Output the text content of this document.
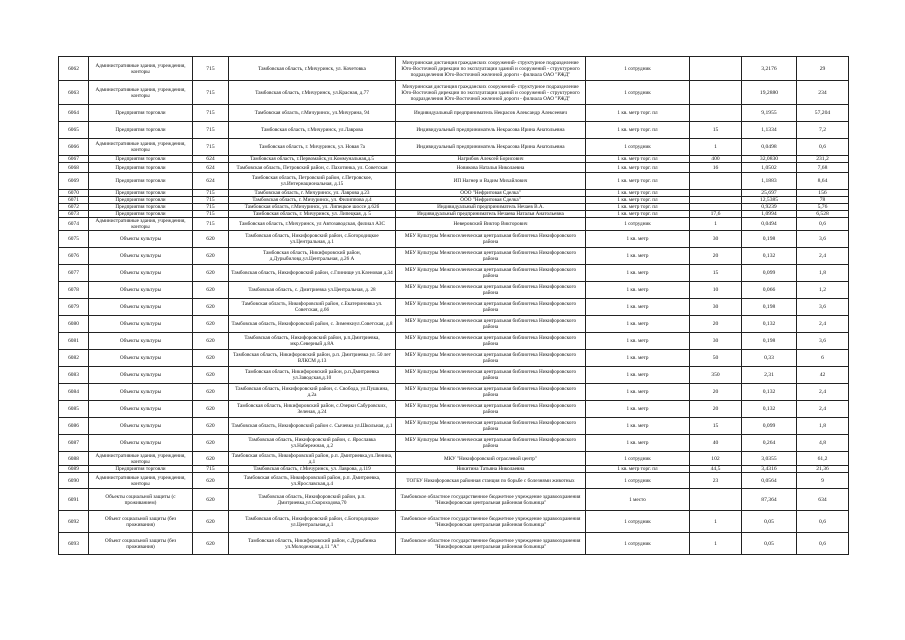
6062	Административные здания, учреждения, конторы	715	Тамбовская область, г.Мичуринск, ул. Кочетовка	Мичуринская дистанция гражданских сооружений- структурное подразделение Юго-Восточной дирекции по эксплуатации зданий и сооружений - структурного подразделения Юго-Восточной железной дороги - филиала ОАО "РЖД"	1 сотрудник		3,2176	29
6063	Административные здания, учреждения, конторы	715	Тамбовская область, г.Мичуринск, ул.Красная, д.77	Мичуринская дистанция гражданских сооружений- структурное подразделение Юго-Восточной дирекции по эксплуатации зданий и сооружений - структурного подразделения Юго-Восточной железной дороги - филиала ОАО "РЖД"	1 сотрудник		19,2880	234
6064	Предприятия торговли	715	Тамбовская область, г.Мичуринск, ул.Мичурина, 94	Индивидуальный предприниматель Некрасов Александр Алексеевич	1 кв. метр торг. пл		9,1955	57,204
6065	Предприятия торговли	715	Тамбовская область, г.Мичуринск, ул.Лаврова	Индивидуальный предприниматель Некрасова Ирина Анатольевна	1 кв. метр торг. пл	15	1,1334	7,2
6066	Административные здания, учреждения, конторы	715	Тамбовская область, г. Мичуринск, ул. Новая 7а	Индивидуальный предприниматель Некрасова Ирина Анатольевна	1 сотрудник	1	0,0498	0,6
6067	Предприятия торговли	624	Тамбовская область, г.Первомайск,ул.Коммунальная,д.5	Нагрибов Алексей Борисович	1 кв. метр торг. пл	400	32,0830	231,2
6068	Предприятия торговли	624	Тамбовская область, Петровский район, с. Пахотинка, ул. Советская	Новикова Наталья Николаевна	1 кв. метр торг. пл	16	1,0502	7,68
6069	Предприятия торговли	624	Тамбовская область, Петровский район, с.Петровское, ул.Интернациональная, д.15	ИП Нагнер и Вадим Михайлович	1 кв. метр торг. пл		1,1883	8,64
6070	Предприятия торговли	715	Тамбовская область, г. Мичуринск, ул. Лаврова д.23	ООО "Нефритовая Сделка"	1 кв. метр торг. пл		25,697	156
6071	Предприятия торговли	715	Тамбовская область, г. Мичуринск, ул. Филиппова д.4	ООО "Нефритовая Сделка"	1 кв. метр торг. пл		12,5385	78
6072	Предприятия торговли	715	Тамбовская область, г.Мичуринск, ул. Липецкое шоссе д.62б	Индивидуальный предприниматель Нечаев В.А.	1 кв. метр торг. пл		0,9239	5,76
6073	Предприятия торговли	715	Тамбовская область, г. Мичуринск, ул. Липецкая, д. 5	Индивидуальный предприниматель Нечаева Наталья Анатольевна	1 кв. метр торг. пл	17,6	1,0994	6,528
6074	Административные здания, учреждения, конторы	715	Тамбовская область, г.Мичуринск, ул Автозаводская, филиал АЗС	Неверовский Виктор Викторович	1 сотрудник	1	0,0494	0,6
6075	Объекты культуры	620	Тамбовская область, Никифоровский район, с.Богородицкое ул.Центральная, д.1	МБУ Культуры Межпоселенческая центральная библиотека Никифоровского района	1 кв. метр	30	0,198	3,6
6076	Объекты культуры	620	Тамбовская область, Никифоровский район, д.Дурыбиловд.ул.Центральная, д.26 А	МБУ Культуры Межпоселенческая центральная библиотека Никифоровского района	1 кв. метр	20	0,132	2,4
6077	Объекты культуры	620	Тамбовская область, Никифоровский район, с.Глинище ул.Кленовая д.34	МБУ Культуры Межпоселенческая центральная библиотека Никифоровского района	1 кв. метр	15	0,099	1,8
6078	Объекты культуры	620	Тамбовская область, с. Дмитриевка ул.Центральная, д. 28	МБУ Культуры Межпоселенческая центральная библиотека Никифоровского района	1 кв. метр	10	0,066	1,2
6079	Объекты культуры	620	Тамбовская область, Никифоровский район, с.Екатериновка ул. Советская, д.66	МБУ Культуры Межпоселенческая центральная библиотека Никифоровского района	1 кв. метр	30	0,198	3,6
6080	Объекты культуры	620	Тамбовская область, Никифоровский район, с. Зименкиул.Советская, д.8	МБУ Культуры Межпоселенческая центральная библиотека Никифоровского района	1 кв. метр	20	0,132	2,4
6081	Объекты культуры	620	Тамбовская область, Никифоровский район, р.п.Дмитриевка, мкр.Северный д.8А	МБУ Культуры Межпоселенческая центральная библиотека Никифоровского района	1 кв. метр	30	0,198	3,6
6082	Объекты культуры	620	Тамбовская область, Никифоровский район, р.п. Дмитриевка ул. 50 лет ВЛКСМ д.13	МБУ Культуры Межпоселенческая центральная библиотека Никифоровского района	1 кв. метр	50	0,33	6
6083	Объекты культуры	620	Тамбовская область, Никифоровский район, р.п.Дмитриевка ул.Заводская,д.10	МБУ Культуры Межпоселенческая центральная библиотека Никифоровского района	1 кв. метр	350	2,31	42
6084	Объекты культуры	620	Тамбовская область, Никифоровский район, с. Свобода, ул.Пушкина, д.2а	МБУ Культуры Межпоселенческая центральная библиотека Никифоровского района	1 кв. метр	20	0,132	2,4
6085	Объекты культуры	620	Тамбовская область, Никифоровский район, с.Озерки Сабуровских, Зеленая, д.24	МБУ Культуры Межпоселенческая центральная библиотека Никифоровского района	1 кв. метр	20	0,132	2,4
6086	Объекты культуры	620	Тамбовская область, Никифоровский район с. Сычевка ул.Школьная, д.1	МБУ Культуры Межпоселенческая центральная библиотека Никифоровского района	1 кв. метр	15	0,099	1,8
6087	Объекты культуры	620	Тамбовская область, Никифоровский район, с. Ярославка ул.Набережная, д.2	МБУ Культуры Межпоселенческая центральная библиотека Никифоровского района	1 кв. метр	40	0,264	4,8
6088	Административные здания, учреждения, конторы	620	Тамбовская область, Никифоровский район, р.п. Дмитриевка,ул.Ленина, д.1	МКУ "Никифоровский отраслевой центр"	1 сотрудник	102	3,0355	61,2
6089	Предприятия торговли	715	Тамбовская область, г.Мичуринск, ул. Лаврова, д.119	Никитина Татьяна Николаевна	1 кв. метр торг. пл	44,5	3,4316	21,36
6090	Административные здания, учреждения, конторы	620	Тамбовская область, Никифоровский район, р.п. Дмитриевка, ул.Ярославская,д.4	ТОГБУ Никифоровская районная станция по борьбе с болезнями животных	1 сотрудник	23	0,0564	9
6091	Объекты социальной защиты (с проживанием)	620	Тамбовская область, Никифоровский район, р.п. Дмитриевка,ул.Скороходова,70	Тамбовское областное государственное бюджетное учреждение здравоохранения "Никифоровская центральная районная больница"	1 место		87,364	634
6092	Объект социальной защиты (без проживания)	620	Тамбовская область, Никифоровский район, с.Богородицкое ул.Центральная,д.1	Тамбовское областное государственное бюджетное учреждение здравоохранения "Никифоровская центральная районная больница"	1 сотрудник	1	0,05	0,6
6093	Объект социальной защиты (без проживания)	620	Тамбовская область, Никифоровский район, с.Дурыбинка ул.Молодежная,д.11 "А"	Тамбовское областное государственное бюджетное учреждение здравоохранения "Никифоровская центральная районная больница"	1 сотрудник	1	0,05	0,6
